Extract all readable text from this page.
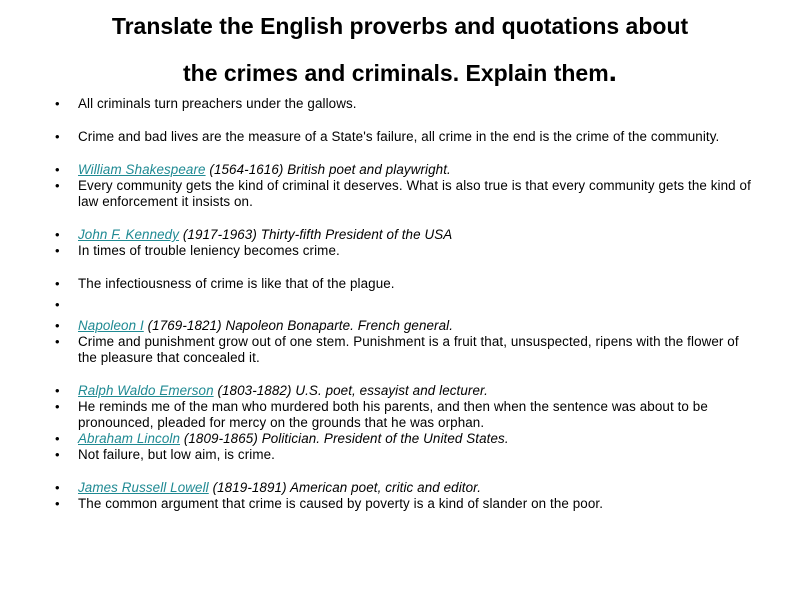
Translate the English proverbs and quotations about
the crimes and criminals. Explain them.
• All criminals turn preachers under the gallows.
• Crime and bad lives are the measure of a State's failure, all crime in the end is the crime of the community.
• William Shakespeare (1564-1616) British poet and playwright.
• Every community gets the kind of criminal it deserves. What is also true is that every community gets the kind of law enforcement it insists on.
• John F. Kennedy (1917-1963) Thirty-fifth President of the USA
• In times of trouble leniency becomes crime.
• The infectiousness of crime is like that of the plague.
•

• Napoleon I (1769-1821) Napoleon Bonaparte. French general.
• Crime and punishment grow out of one stem. Punishment is a fruit that, unsuspected, ripens with the flower of the pleasure that concealed it.
• Ralph Waldo Emerson (1803-1882) U.S. poet, essayist and lecturer.
• He reminds me of the man who murdered both his parents, and then when the sentence was about to be pronounced, pleaded for mercy on the grounds that he was orphan.
• Abraham Lincoln (1809-1865) Politician. President of the United States.
• Not failure, but low aim, is crime.
• James Russell Lowell (1819-1891) American poet, critic and editor.
• The common argument that crime is caused by poverty is a kind of slander on the poor.
